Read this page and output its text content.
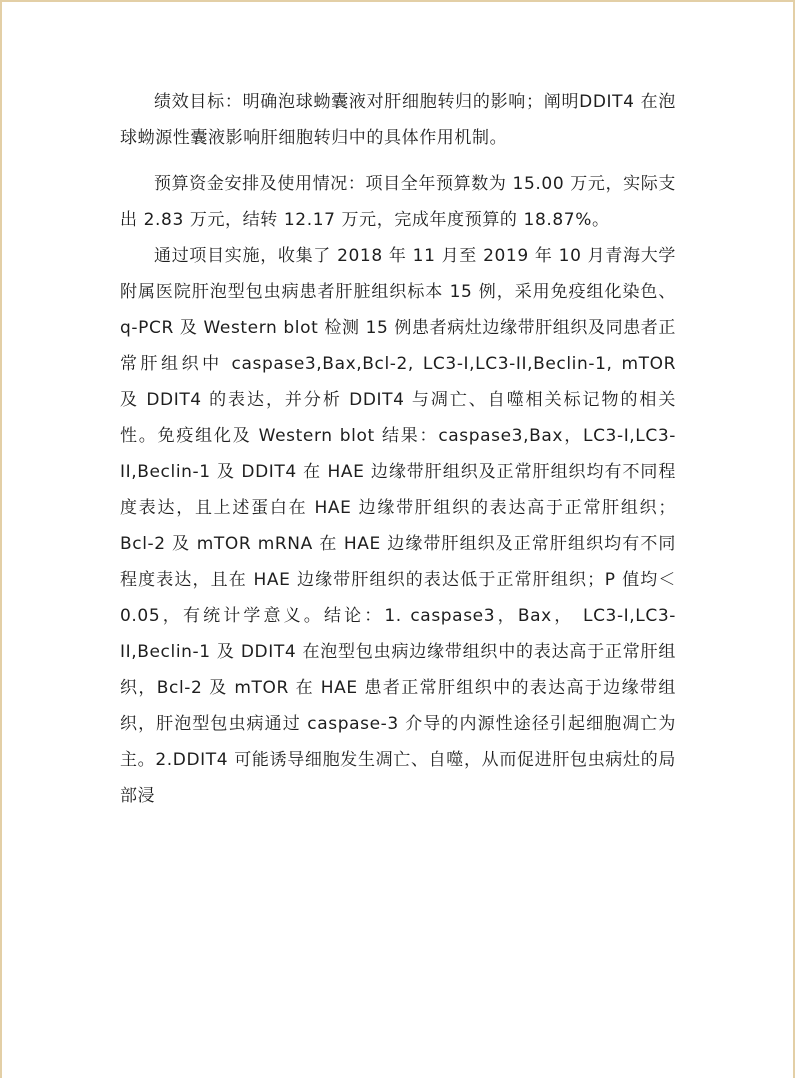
绩效目标：明确泡球蚴囊液对肝细胞转归的影响；阐明DDIT4 在泡球蚴源性囊液影响肝细胞转归中的具体作用机制。

预算资金安排及使用情况：项目全年预算数为 15.00 万元，实际支出 2.83 万元，结转 12.17 万元，完成年度预算的 18.87%。

通过项目实施，收集了 2018 年 11 月至 2019 年 10 月青海大学附属医院肝泡型包虫病患者肝脏组织标本 15 例，采用免疫组化染色、q-PCR 及 Western blot 检测 15 例患者病灶边缘带肝组织及同患者正常肝组织中 caspase3,Bax,Bcl-2, LC3-I,LC3-II,Beclin-1, mTOR 及 DDIT4 的表达，并分析 DDIT4 与凋亡、自噬相关标记物的相关性。免疫组化及 Western blot 结果：caspase3,Bax，LC3-I,LC3-II,Beclin-1 及 DDIT4 在 HAE 边缘带肝组织及正常肝组织均有不同程度表达，且上述蛋白在 HAE 边缘带肝组织的表达高于正常肝组织；Bcl-2 及 mTOR mRNA 在 HAE 边缘带肝组织及正常肝组织均有不同程度表达，且在 HAE 边缘带肝组织的表达低于正常肝组织；P 值均＜0.05，有统计学意义。结论：1. caspase3，Bax， LC3-I,LC3-II,Beclin-1 及 DDIT4 在泡型包虫病边缘带组织中的表达高于正常肝组织，Bcl-2 及 mTOR 在 HAE 患者正常肝组织中的表达高于边缘带组织，肝泡型包虫病通过 caspase-3 介导的内源性途径引起细胞凋亡为主。2.DDIT4 可能诱导细胞发生凋亡、自噬，从而促进肝包虫病灶的局部浸
